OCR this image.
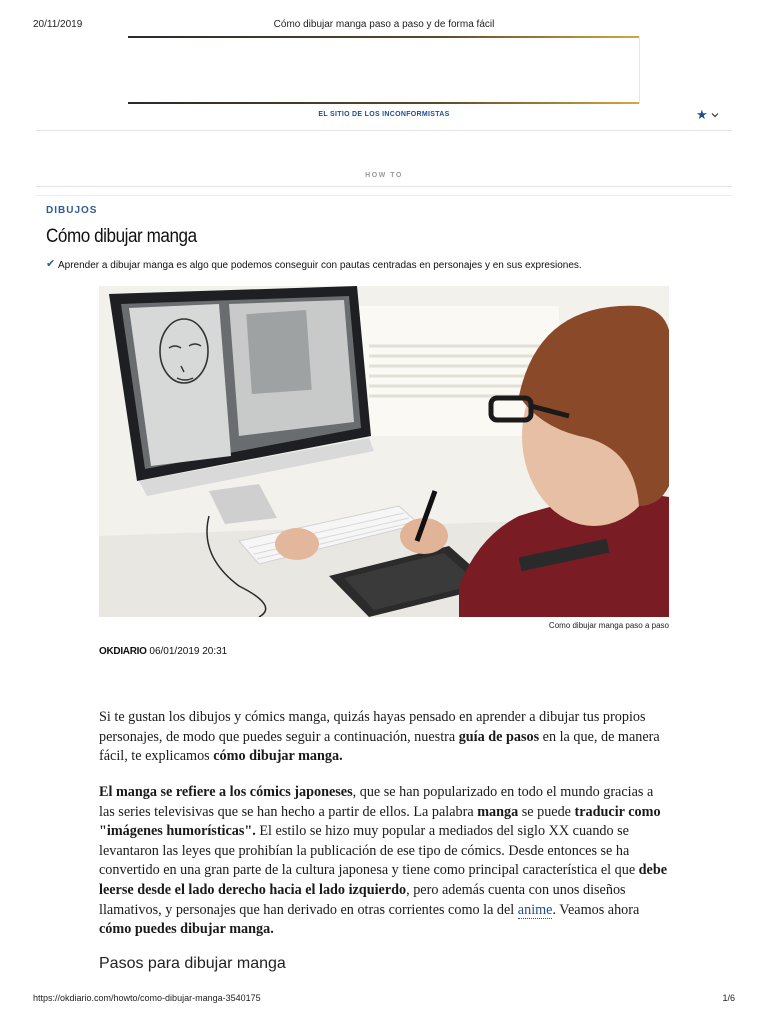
20/11/2019	Cómo dibujar manga paso a paso y de forma fácil
https://okdiario.com/howto/como-dibujar-manga-3540175	1/6
EL SITIO DE LOS INCONFORMISTAS	★
HOW TO
DIBUJOS
Cómo dibujar manga
✔ Aprender a dibujar manga es algo que podemos conseguir con pautas centradas en personajes y en sus expresiones.
Como dibujar manga paso a paso
OKDIARIO 06/01/2019 20:31
Si te gustan los dibujos y cómics manga, quizás hayas pensado en aprender a dibujar tus propios personajes, de modo que puedes seguir a continuación, nuestra guía de pasos en la que, de manera fácil, te explicamos cómo dibujar manga.
El manga se refiere a los cómics japoneses, que se han popularizado en todo el mundo gracias a las series televisivas que se han hecho a partir de ellos. La palabra manga se puede traducir como "imágenes humorísticas". El estilo se hizo muy popular a mediados del siglo XX cuando se levantaron las leyes que prohibían la publicación de ese tipo de cómics. Desde entonces se ha convertido en una gran parte de la cultura japonesa y tiene como principal característica el que debe leerse desde el lado derecho hacia el lado izquierdo, pero además cuenta con unos diseños llamativos, y personajes que han derivado en otras corrientes como la del anime. Veamos ahora cómo puedes dibujar manga.
Pasos para dibujar manga
